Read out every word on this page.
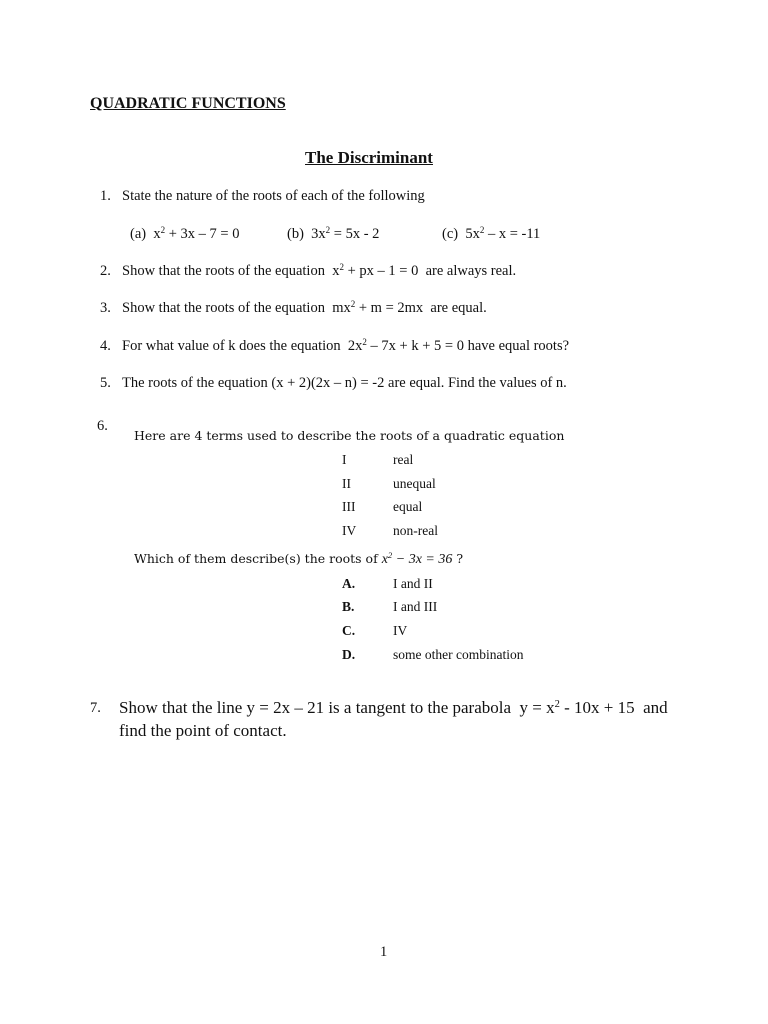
QUADRATIC FUNCTIONS
The Discriminant
1. State the nature of the roots of each of the following
(a)  $x^2 + 3x - 7 = 0$	(b)  $3x^2 = 5x - 2$	(c)  $5x^2 - x = -11$
2. Show that the roots of the equation  $x^2$ + px – 1 = 0  are always real.
3. Show that the roots of the equation  $mx^2 + m = 2mx$  are equal.
4. For what value of k does the equation  $2x^2 - 7x + k + 5 = 0$ have equal roots?
5. The roots of the equation (x + 2)(2x – n) = -2 are equal. Find the values of n.
6.
Here are 4 terms used to describe the roots of a quadratic equation
I	real
II	unequal
III	equal
IV	non-real
Which of them describe(s) the roots of $x^2 - 3x = 36$ ?
A.	I and II
B.	I and III
C.	IV
D.	some other combination
7. Show that the line y = 2x – 21 is a tangent to the parabola  $y = x^2 - 10x + 15$  and
find the point of contact.
1
